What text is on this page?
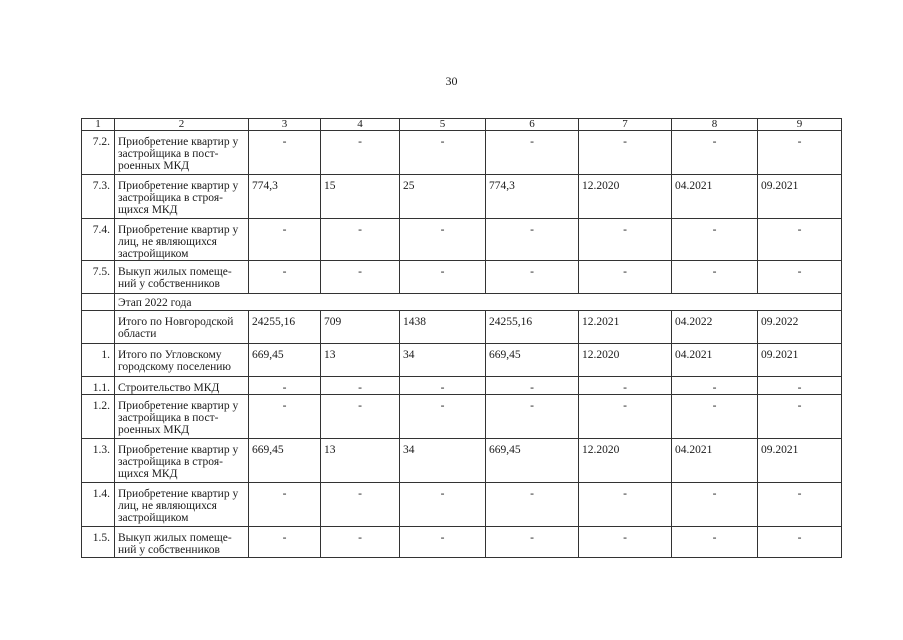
30
1	2	3	4	5	6	7	8	9
7.2.	Приобретение квартир у застройщика в пост-роенных МКД	-	-	-	-	-	-	-
7.3.	Приобретение квартир у застройщика в строя-щихся МКД	774,3	15	25	774,3	12.2020	04.2021	09.2021
7.4.	Приобретение квартир у лиц, не являющихся застройщиком	-	-	-	-	-	-	-
7.5.	Выкуп жилых помеще-ний у собственников	-	-	-	-	-	-	-
	Этап 2022 года							
	Итого по Новгородской области	24255,16	709	1438	24255,16	12.2021	04.2022	09.2022
1.	Итого по Угловскому городскому поселению	669,45	13	34	669,45	12.2020	04.2021	09.2021
1.1.	Строительство МКД	-	-	-	-	-	-	-
1.2.	Приобретение квартир у застройщика в пост-роенных МКД	-	-	-	-	-	-	-
1.3.	Приобретение квартир у застройщика в строя-щихся МКД	669,45	13	34	669,45	12.2020	04.2021	09.2021
1.4.	Приобретение квартир у лиц, не являющихся застройщиком	-	-	-	-	-	-	-
1.5.	Выкуп жилых помеще-ний у собственников	-	-	-	-	-	-	-
